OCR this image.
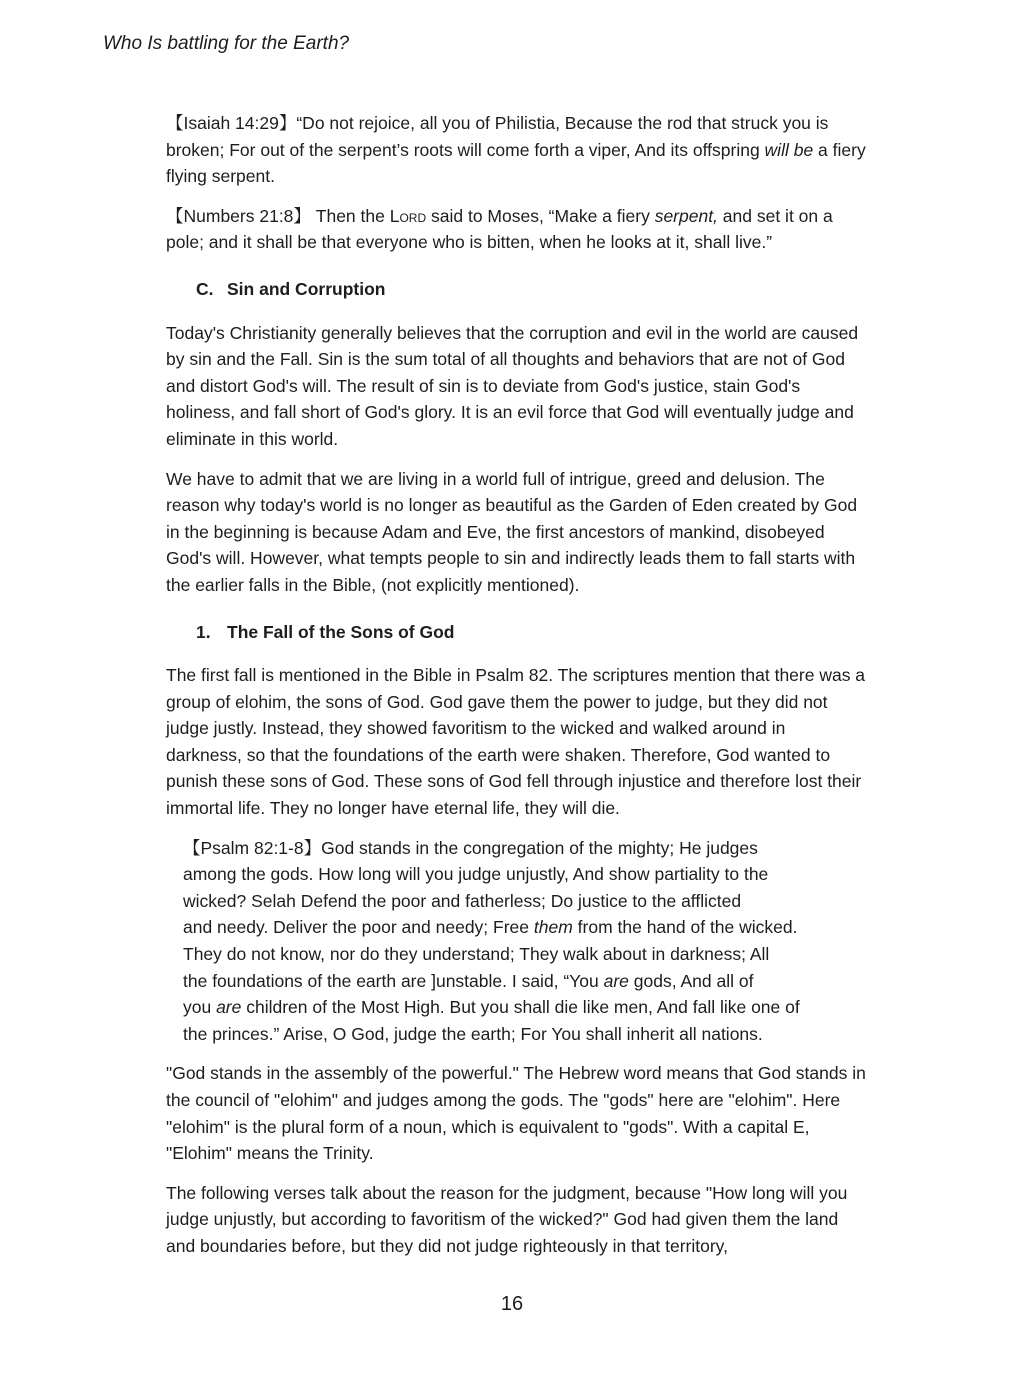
Who Is battling for the Earth?

【Isaiah 14:29】“Do not rejoice, all you of Philistia, Because the rod that struck you is broken; For out of the serpent’s roots will come forth a viper, And its offspring will be a fiery flying serpent.

【Numbers 21:8】 Then the Lord said to Moses, “Make a fiery serpent, and set it on a pole; and it shall be that everyone who is bitten, when he looks at it, shall live.”

C. Sin and Corruption

Today's Christianity generally believes that the corruption and evil in the world are caused by sin and the Fall. Sin is the sum total of all thoughts and behaviors that are not of God and distort God's will. The result of sin is to deviate from God's justice, stain God's holiness, and fall short of God's glory. It is an evil force that God will eventually judge and eliminate in this world.

We have to admit that we are living in a world full of intrigue, greed and delusion. The reason why today's world is no longer as beautiful as the Garden of Eden created by God in the beginning is because Adam and Eve, the first ancestors of mankind, disobeyed God's will. However, what tempts people to sin and indirectly leads them to fall starts with the earlier falls in the Bible, (not explicitly mentioned).

1. The Fall of the Sons of God

The first fall is mentioned in the Bible in Psalm 82. The scriptures mention that there was a group of elohim, the sons of God. God gave them the power to judge, but they did not judge justly. Instead, they showed favoritism to the wicked and walked around in darkness, so that the foundations of the earth were shaken. Therefore, God wanted to punish these sons of God. These sons of God fell through injustice and therefore lost their immortal life. They no longer have eternal life, they will die.

【Psalm 82:1-8】God stands in the congregation of the mighty; He judges
among the gods. How long will you judge unjustly, And show partiality to the
wicked? Selah Defend the poor and fatherless; Do justice to the afflicted
and needy. Deliver the poor and needy; Free them from the hand of the wicked.
They do not know, nor do they understand; They walk about in darkness; All
the foundations of the earth are ]unstable. I said, “You are gods, And all of
you are children of the Most High. But you shall die like men, And fall like one of
the princes.” Arise, O God, judge the earth; For You shall inherit all nations.

"God stands in the assembly of the powerful." The Hebrew word means that God stands in the council of "elohim" and judges among the gods. The "gods" here are "elohim". Here "elohim" is the plural form of a noun, which is equivalent to "gods". With a capital E, "Elohim" means the Trinity.

The following verses talk about the reason for the judgment, because "How long will you judge unjustly, but according to favoritism of the wicked?" God had given them the land and boundaries before, but they did not judge righteously in that territory,

16
